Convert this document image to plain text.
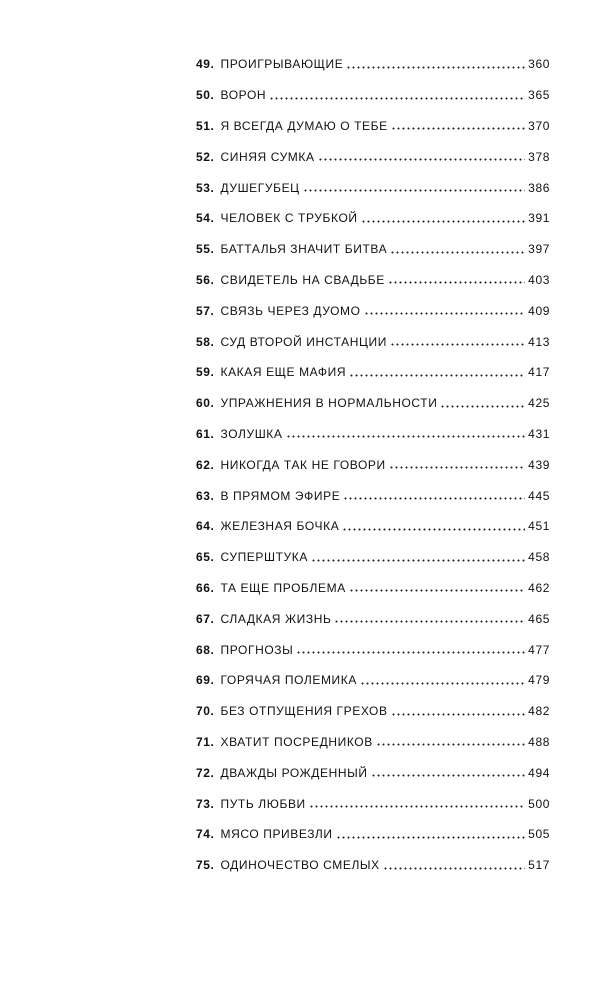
49. ПРОИГРЫВАЮЩИЕ	360
50. ВОРОН	365
51. Я ВСЕГДА ДУМАЮ О ТЕБЕ	370
52. СИНЯЯ СУМКА	378
53. ДУШЕГУБЕЦ	386
54. ЧЕЛОВЕК С ТРУБКОЙ	391
55. БАТТАЛЬЯ ЗНАЧИТ БИТВА	397
56. СВИДЕТЕЛЬ НА СВАДЬБЕ	403
57. СВЯЗЬ ЧЕРЕЗ ДУОМО	409
58. СУД ВТОРОЙ ИНСТАНЦИИ	413
59. КАКАЯ ЕЩЕ МАФИЯ	417
60. УПРАЖНЕНИЯ В НОРМАЛЬНОСТИ	425
61. ЗОЛУШКА	431
62. НИКОГДА ТАК НЕ ГОВОРИ	439
63. В ПРЯМОМ ЭФИРЕ	445
64. ЖЕЛЕЗНАЯ БОЧКА	451
65. СУПЕРШТУКА	458
66. ТА ЕЩЕ ПРОБЛЕМА	462
67. СЛАДКАЯ ЖИЗНЬ	465
68. ПРОГНОЗЫ	477
69. ГОРЯЧАЯ ПОЛЕМИКА	479
70. БЕЗ ОТПУЩЕНИЯ ГРЕХОВ	482
71. ХВАТИТ ПОСРЕДНИКОВ	488
72. ДВАЖДЫ РОЖДЕННЫЙ	494
73. ПУТЬ ЛЮБВИ	500
74. МЯСО ПРИВЕЗЛИ	505
75. ОДИНОЧЕСТВО СМЕЛЫХ	517
